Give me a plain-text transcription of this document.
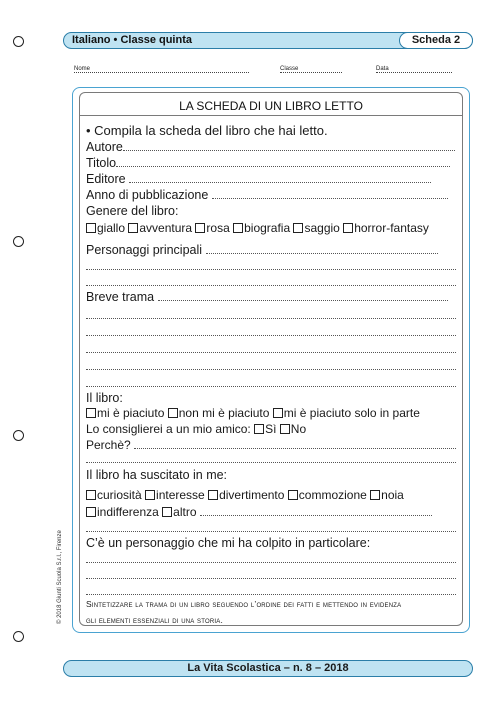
Italiano • Classe quinta	Scheda 2
Nome	Classe	Data
LA SCHEDA DI UN LIBRO LETTO
• Compila la scheda del libro che hai letto.
Autore
Titolo
Editore
Anno di pubblicazione
Genere del libro:
giallo avventura rosa biografia saggio horror-fantasy
Personaggi principali
Breve trama
Il libro:
mi è piaciuto non mi è piaciuto mi è piaciuto solo in parte
Lo consiglierei a un mio amico: Sì No
Perchè?
Il libro ha suscitato in me:
curiosità interesse divertimento commozione noia
indifferenza altro
C’è un personaggio che mi ha colpito in particolare:
Sintetizzare la trama di un libro seguendo l’ordine dei fatti e mettendo in evidenza
gli elementi essenziali di una storia.
© 2018 Giunti Scuola S.r.l., Firenze
La Vita Scolastica – n. 8 – 2018
